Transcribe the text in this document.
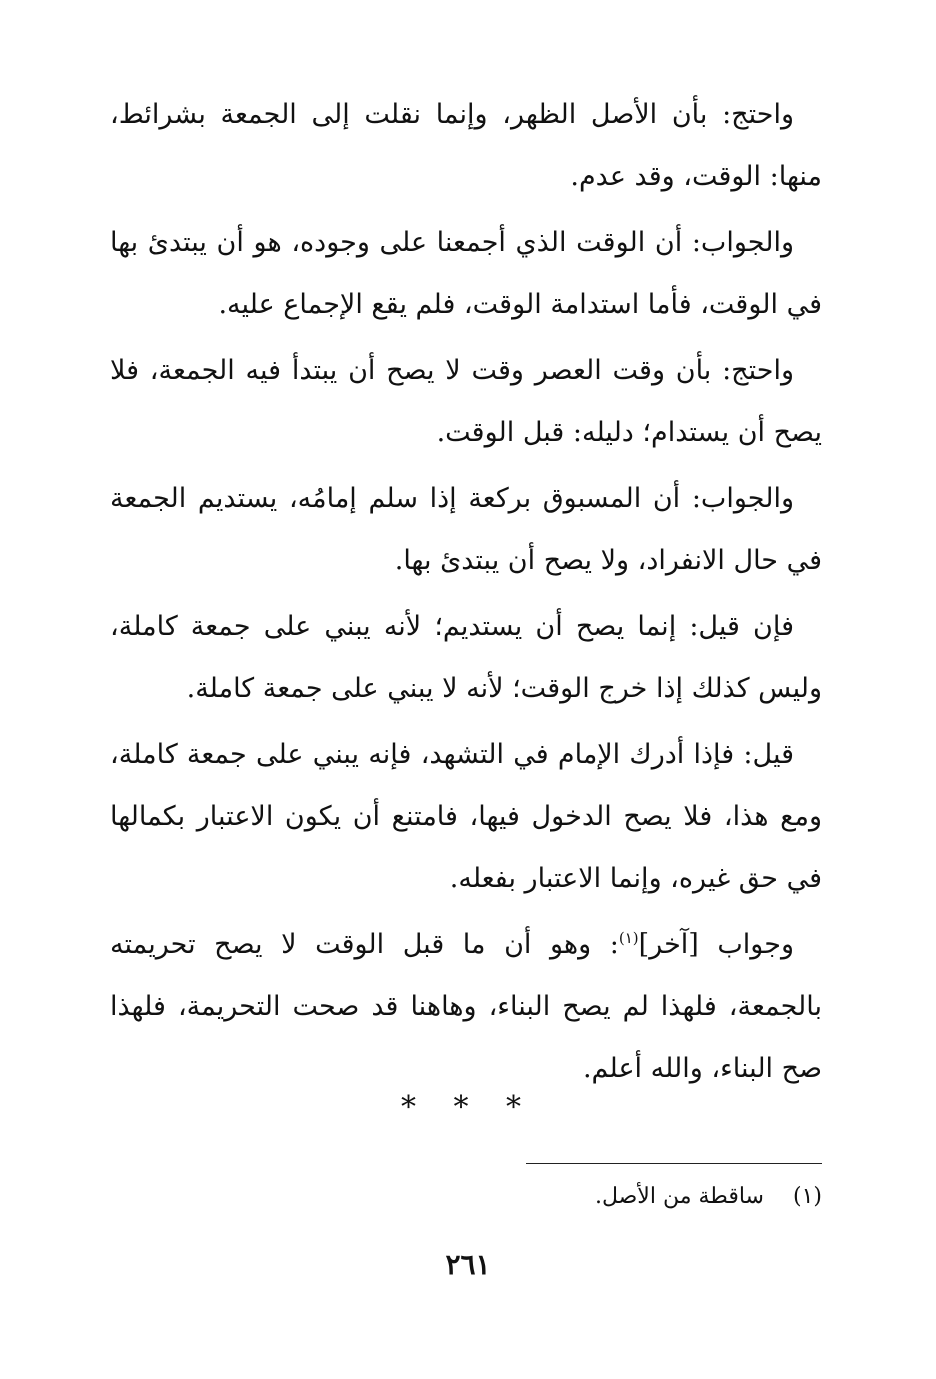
واحتج: بأن الأصل الظهر، وإنما نقلت إلى الجمعة بشرائط، منها: الوقت، وقد عدم.

والجواب: أن الوقت الذي أجمعنا على وجوده، هو أن يبتدئ بها في الوقت، فأما استدامة الوقت، فلم يقع الإجماع عليه.

واحتج: بأن وقت العصر وقت لا يصح أن يبتدأ فيه الجمعة، فلا يصح أن يستدام؛ دليله: قبل الوقت.

والجواب: أن المسبوق بركعة إذا سلم إمامُه، يستديم الجمعة في حال الانفراد، ولا يصح أن يبتدئ بها.

فإن قيل: إنما يصح أن يستديم؛ لأنه يبني على جمعة كاملة، وليس كذلك إذا خرج الوقت؛ لأنه لا يبني على جمعة كاملة.

قيل: فإذا أدرك الإمام في التشهد، فإنه يبني على جمعة كاملة، ومع هذا، فلا يصح الدخول فيها، فامتنع أن يكون الاعتبار بكمالها في حق غيره، وإنما الاعتبار بفعله.

وجواب [آخر]$^{(١)}$: وهو أن ما قبل الوقت لا يصح تحريمته بالجمعة، فلهذا لم يصح البناء، وهاهنا قد صحت التحريمة، فلهذا صح البناء، والله أعلم.

* * *
(١) ساقطة من الأصل.
٢٦١
